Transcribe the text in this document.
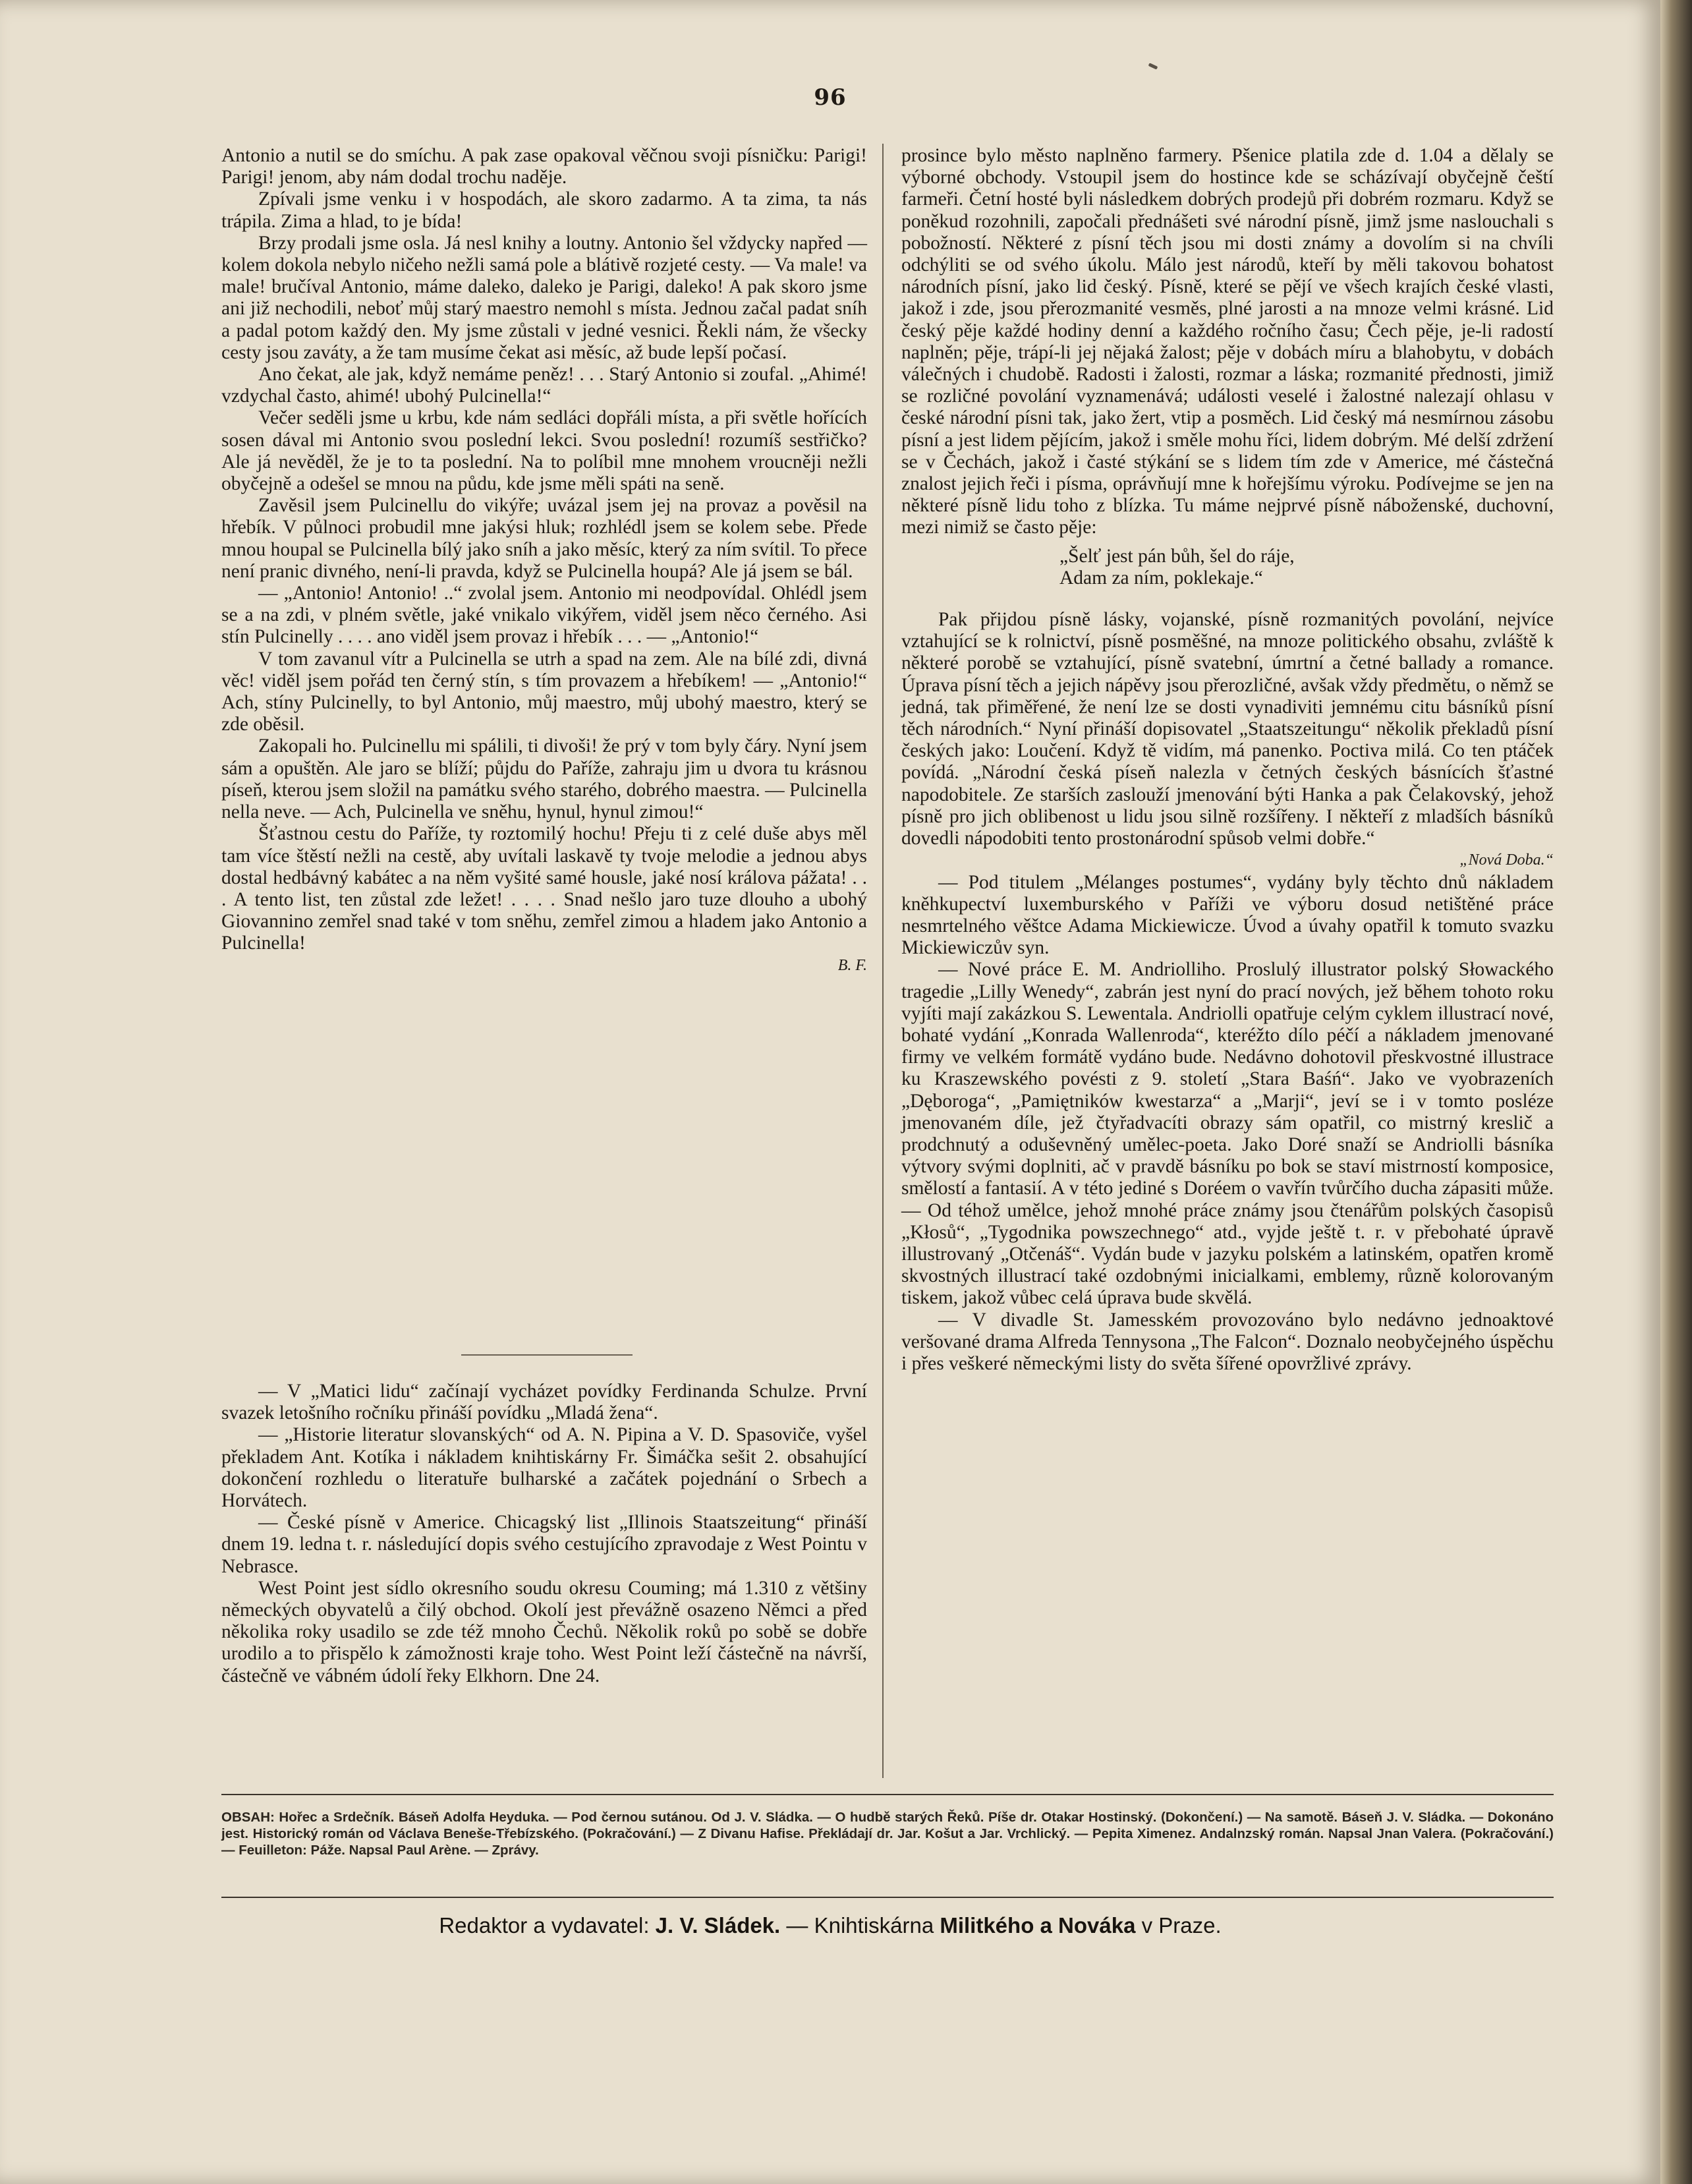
96

Antonio a nutil se do smíchu. A pak zase opakoval věčnou svoji písničku: Parigi! Parigi! jenom, aby nám dodal trochu naděje.

Zpívali jsme venku i v hospodách, ale skoro zadarmo. A ta zima, ta nás trápila. Zima a hlad, to je bída!

Brzy prodali jsme osla. Já nesl knihy a loutny. Antonio šel vždycky napřed — kolem dokola nebylo ničeho nežli samá pole a blátivě rozjeté cesty. — Va male! va male! bručíval Antonio, máme daleko, daleko je Parigi, daleko! A pak skoro jsme ani již nechodili, neboť můj starý maestro nemohl s místa. Jednou začal padat sníh a padal potom každý den. My jsme zůstali v jedné vesnici. Řekli nám, že všecky cesty jsou zaváty, a že tam musíme čekat asi měsíc, až bude lepší počasí.

Ano čekat, ale jak, když nemáme peněz! . . . Starý Antonio si zoufal. „Ahimé! vzdychal často, ahimé! ubohý Pulcinella!“

Večer seděli jsme u krbu, kde nám sedláci dopřáli místa, a při světle hořících sosen dával mi Antonio svou poslední lekci. Svou poslední! rozumíš sestřičko? Ale já nevěděl, že je to ta poslední. Na to políbil mne mnohem vroucněji nežli obyčejně a odešel se mnou na půdu, kde jsme měli spáti na seně.

Zavěsil jsem Pulcinellu do vikýře; uvázal jsem jej na provaz a pověsil na hřebík. V půlnoci probudil mne jakýsi hluk; rozhlédl jsem se kolem sebe. Přede mnou houpal se Pulcinella bílý jako sníh a jako měsíc, který za ním svítil. To přece není pranic divného, není-li pravda, když se Pulcinella houpá? Ale já jsem se bál.

— „Antonio! Antonio! ..“ zvolal jsem. Antonio mi neodpovídal. Ohlédl jsem se a na zdi, v plném světle, jaké vnikalo vikýřem, viděl jsem něco černého. Asi stín Pulcinelly . . . . ano viděl jsem provaz i hřebík . . . — „Antonio!“

V tom zavanul vítr a Pulcinella se utrh a spad na zem. Ale na bílé zdi, divná věc! viděl jsem pořád ten černý stín, s tím provazem a hřebíkem! — „Antonio!“ Ach, stíny Pulcinelly, to byl Antonio, můj maestro, můj ubohý maestro, který se zde oběsil.

Zakopali ho. Pulcinellu mi spálili, ti divoši! že prý v tom byly čáry. Nyní jsem sám a opuštěn. Ale jaro se blíží; půjdu do Paříže, zahraju jim u dvora tu krásnou píseň, kterou jsem složil na památku svého starého, dobrého maestra. — Pulcinella nella neve. — Ach, Pulcinella ve sněhu, hynul, hynul zimou!“

Šťastnou cestu do Paříže, ty roztomilý hochu! Přeju ti z celé duše abys měl tam více štěstí nežli na cestě, aby uvítali laskavě ty tvoje melodie a jednou abys dostal hedbávný kabátec a na něm vyšité samé housle, jaké nosí králova pážata! . . . A tento list, ten zůstal zde ležet! . . . . Snad nešlo jaro tuze dlouho a ubohý Giovannino zemřel snad také v tom sněhu, zemřel zimou a hladem jako Antonio a Pulcinella!

B. F.

— V „Matici lidu“ začínají vycházet povídky Ferdinanda Schulze. První svazek letošního ročníku přináší povídku „Mladá žena“.

— „Historie literatur slovanských“ od A. N. Pipina a V. D. Spasoviče, vyšel překladem Ant. Kotíka i nákladem knihtiskárny Fr. Šimáčka sešit 2. obsahující dokončení rozhledu o literatuře bulharské a začátek pojednání o Srbech a Horvátech.

— České písně v Americe. Chicagský list „Illinois Staatszeitung“ přináší dnem 19. ledna t. r. následující dopis svého cestujícího zpravodaje z West Pointu v Nebrasce.

West Point jest sídlo okresního soudu okresu Couming; má 1.310 z většiny německých obyvatelů a čilý obchod. Okolí jest převážně osazeno Němci a před několika roky usadilo se zde též mnoho Čechů. Několik roků po sobě se dobře urodilo a to přispělo k zámožnosti kraje toho. West Point leží částečně na návrší, částečně ve vábném údolí řeky Elkhorn. Dne 24.

prosince bylo město naplněno farmery. Pšenice platila zde d. 1.04 a dělaly se výborné obchody. Vstoupil jsem do hostince kde se scházívají obyčejně čeští farmeři. Četní hosté byli následkem dobrých prodejů při dobrém rozmaru. Když se poněkud rozohnili, započali přednášeti své národní písně, jimž jsme naslouchali s pobožností. Některé z písní těch jsou mi dosti známy a dovolím si na chvíli odchýliti se od svého úkolu. Málo jest národů, kteří by měli takovou bohatost národních písní, jako lid český. Písně, které se pějí ve všech krajích české vlasti, jakož i zde, jsou přerozmanité vesměs, plné jarosti a na mnoze velmi krásné. Lid český pěje každé hodiny denní a každého ročního času; Čech pěje, je-li radostí naplněn; pěje, trápí-li jej nějaká žalost; pěje v dobách míru a blahobytu, v dobách válečných i chudobě. Radosti i žalosti, rozmar a láska; rozmanité přednosti, jimiž se rozličné povolání vyznamenává; události veselé i žalostné nalezají ohlasu v české národní písni tak, jako žert, vtip a posměch. Lid český má nesmírnou zásobu písní a jest lidem pějícím, jakož i směle mohu říci, lidem dobrým. Mé delší zdržení se v Čechách, jakož i časté stýkání se s lidem tím zde v Americe, mé částečná znalost jejich řeči i písma, oprávňují mne k hořejšímu výroku. Podívejme se jen na některé písně lidu toho z blízka. Tu máme nejprvé písně náboženské, duchovní, mezi nimiž se často pěje:

„Šelť jest pán bůh, šel do ráje,
Adam za ním, poklekaje.“

Pak přijdou písně lásky, vojanské, písně rozmanitých povolání, nejvíce vztahující se k rolnictví, písně posměšné, na mnoze politického obsahu, zvláště k některé porobě se vztahující, písně svatební, úmrtní a četné ballady a romance. Úprava písní těch a jejich nápěvy jsou přerozličné, avšak vždy předmětu, o němž se jedná, tak přiměřené, že není lze se dosti vynadiviti jemnému citu básníků písní těch národních.“ Nyní přináší dopisovatel „Staatszeitungu“ několik překladů písní českých jako: Loučení. Když tě vidím, má panenko. Poctiva milá. Co ten ptáček povídá. „Národní česká píseň nalezla v četných českých básnících šťastné napodobitele. Ze starších zaslouží jmenování býti Hanka a pak Čelakovský, jehož písně pro jich oblibenost u lidu jsou silně rozšířeny. I někteří z mladších básníků dovedli nápodobiti tento prostonárodní spůsob velmi dobře.“

„Nová Doba.“

— Pod titulem „Mélanges postumes“, vydány byly těchto dnů nákladem kněhkupectví luxemburského v Paříži ve výboru dosud netištěné práce nesmrtelného věštce Adama Mickiewicze. Úvod a úvahy opatřil k tomuto svazku Mickiewiczův syn.

— Nové práce E. M. Andriolliho. Proslulý illustrator polský Słowackého tragedie „Lilly Wenedy“, zabrán jest nyní do prací nových, jež během tohoto roku vyjíti mají zakázkou S. Lewentala. Andriolli opatřuje celým cyklem illustrací nové, bohaté vydání „Konrada Wallenroda“, kteréžto dílo péčí a nákladem jmenované firmy ve velkém formátě vydáno bude. Nedávno dohotovil přeskvostné illustrace ku Kraszewského povésti z 9. století „Stara Baśń“. Jako ve vyobrazeních „Dęboroga“, „Pamiętników kwestarza“ a „Marji“, jeví se i v tomto posléze jmenovaném díle, jež čtyřadvacíti obrazy sám opatřil, co mistrný kreslič a prodchnutý a oduševněný umělec-poeta. Jako Doré snaží se Andriolli básníka výtvory svými doplniti, ač v pravdě básníku po bok se staví mistrností komposice, smělostí a fantasií. A v této jediné s Doréem o vavřín tvůrčího ducha zápasiti může. — Od téhož umělce, jehož mnohé práce známy jsou čtenářům polských časopisů „Kłosů“, „Tygodnika powszechnego“ atd., vyjde ještě t. r. v přebohaté úpravě illustrovaný „Otčenáš“. Vydán bude v jazyku polském a latinském, opatřen kromě skvostných illustrací také ozdobnými inicialkami, emblemy, různě kolorovaným tiskem, jakož vůbec celá úprava bude skvělá.

— V divadle St. Jamesském provozováno bylo nedávno jednoaktové veršované drama Alfreda Tennysona „The Falcon“. Doznalo neobyčejného úspěchu i přes veškeré německými listy do světa šířené opovržlivé zprávy.

OBSAH: Hořec a Srdečník. Báseň Adolfa Heyduka. — Pod černou sutánou. Od J. V. Sládka. — O hudbě starých Řeků. Píše dr. Otakar Hostinský. (Dokončení.) — Na samotě. Báseň J. V. Sládka. — Dokonáno jest. Historický román od Václava Beneše-Třebízského. (Pokračování.) — Z Divanu Hafise. Překládají dr. Jar. Košut a Jar. Vrchlický. — Pepita Ximenez. Andalnzský román. Napsal Jnan Valera. (Pokračování.) — Feuilleton: Páže. Napsal Paul Arène. — Zprávy.
Redaktor a vydavatel: J. V. Sládek. — Knihtiskárna Militkého a Nováka v Praze.
